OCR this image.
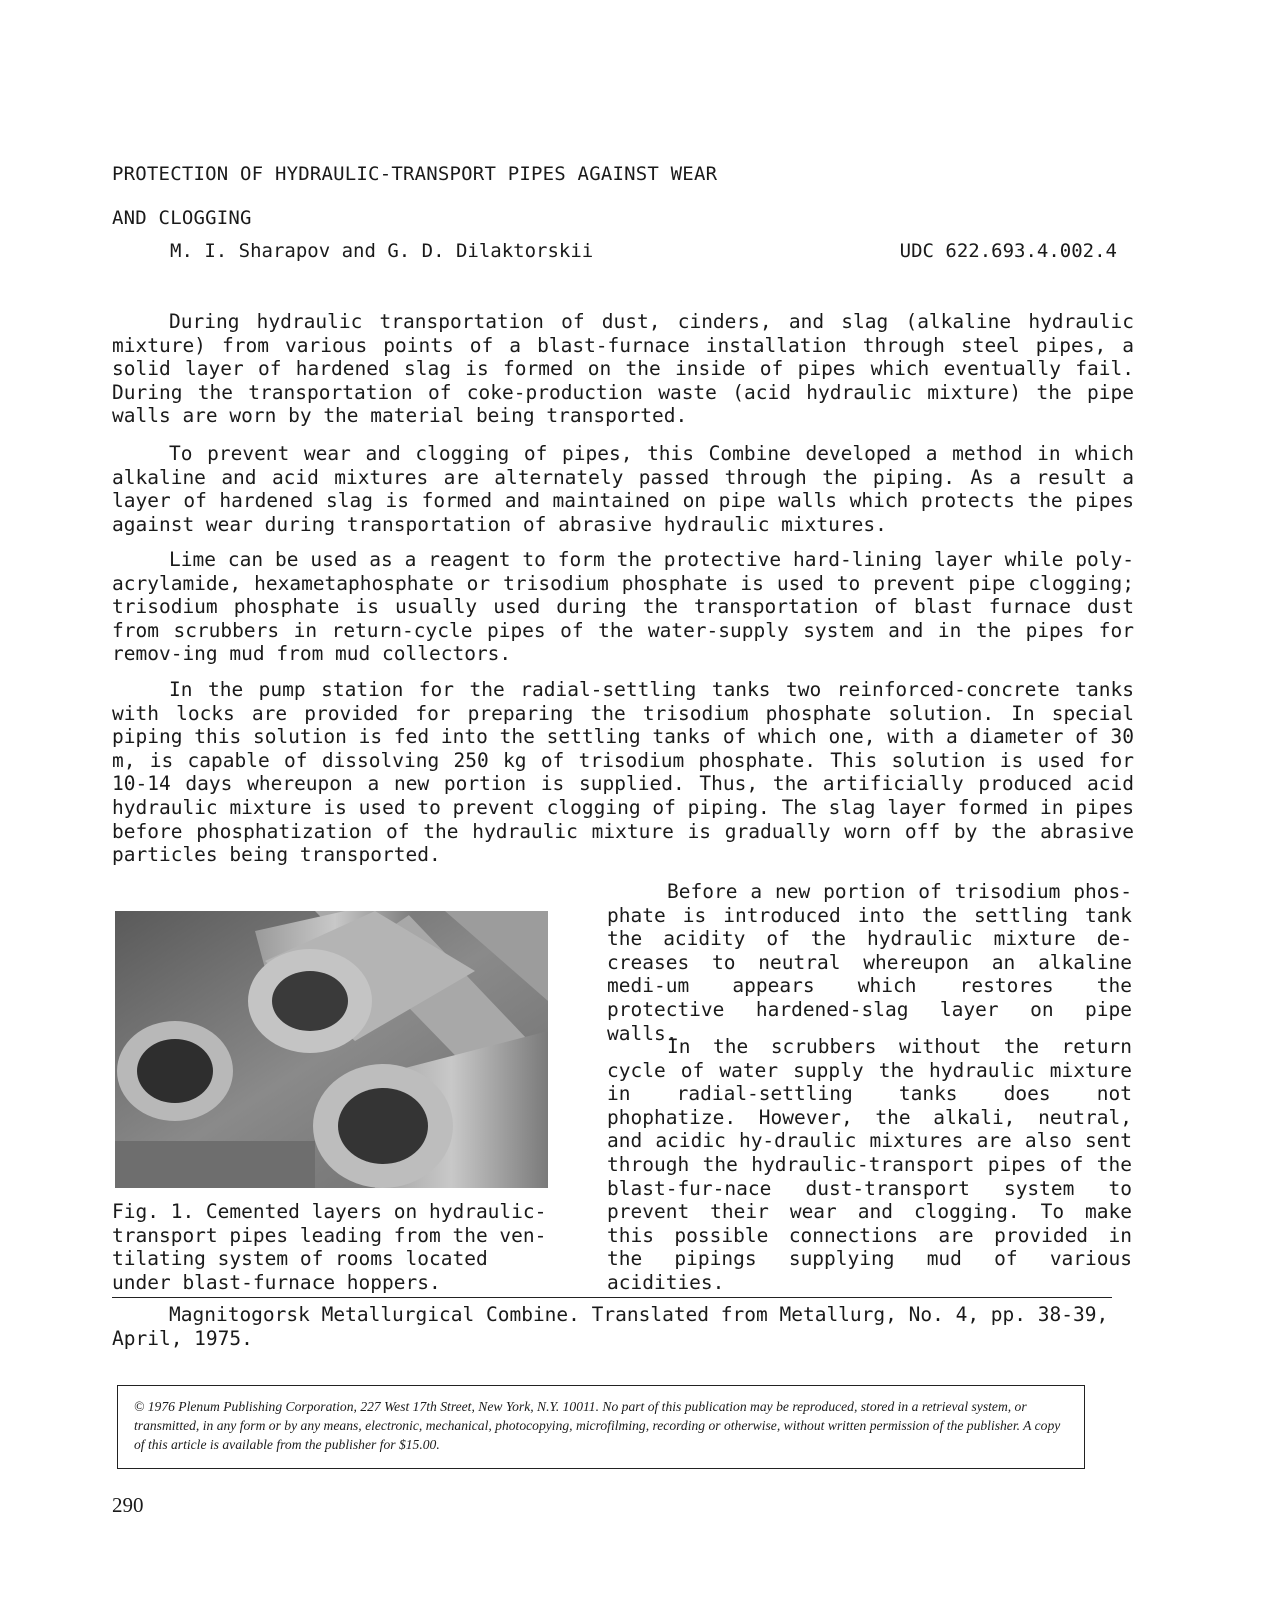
PROTECTION OF HYDRAULIC-TRANSPORT PIPES AGAINST WEAR
AND CLOGGING
M. I. Sharapov and G. D. Dilaktorskii	UDC 622.693.4.002.4

During hydraulic transportation of dust, cinders, and slag (alkaline hydraulic mixture) from various points of a blast-furnace installation through steel pipes, a solid layer of hardened slag is formed on the inside of pipes which eventually fail. During the transportation of coke-production waste (acid hydraulic mixture) the pipe walls are worn by the material being transported.

To prevent wear and clogging of pipes, this Combine developed a method in which alkaline and acid mixtures are alternately passed through the piping. As a result a layer of hardened slag is formed and maintained on pipe walls which protects the pipes against wear during transportation of abrasive hydraulic mixtures.

Lime can be used as a reagent to form the protective hard-lining layer while poly-acrylamide, hexametaphosphate or trisodium phosphate is used to prevent pipe clogging; trisodium phosphate is usually used during the transportation of blast furnace dust from scrubbers in return-cycle pipes of the water-supply system and in the pipes for remov-ing mud from mud collectors.

In the pump station for the radial-settling tanks two reinforced-concrete tanks with locks are provided for preparing the trisodium phosphate solution. In special piping this solution is fed into the settling tanks of which one, with a diameter of 30 m, is capable of dissolving 250 kg of trisodium phosphate. This solution is used for 10-14 days whereupon a new portion is supplied. Thus, the artificially produced acid hydraulic mixture is used to prevent clogging of piping. The slag layer formed in pipes before phosphatization of the hydraulic mixture is gradually worn off by the abrasive particles being transported.

Fig. 1. Cemented layers on hydraulic-transport pipes leading from the ven-tilating system of rooms located under blast-furnace hoppers.

Before a new portion of trisodium phos-phate is introduced into the settling tank the acidity of the hydraulic mixture de-creases to neutral whereupon an alkaline medi-um appears which restores the protective hardened-slag layer on pipe walls.

In the scrubbers without the return cycle of water supply the hydraulic mixture in radial-settling tanks does not phophatize. However, the alkali, neutral, and acidic hy-draulic mixtures are also sent through the hydraulic-transport pipes of the blast-fur-nace dust-transport system to prevent their wear and clogging. To make this possible connections are provided in the pipings supplying mud of various acidities.

Magnitogorsk Metallurgical Combine. Translated from Metallurg, No. 4, pp. 38-39, April, 1975.

© 1976 Plenum Publishing Corporation, 227 West 17th Street, New York, N.Y. 10011. No part of this publication may be reproduced, stored in a retrieval system, or transmitted, in any form or by any means, electronic, mechanical, photocopying, microfilming, recording or otherwise, without written permission of the publisher. A copy of this article is available from the publisher for $15.00.

290
